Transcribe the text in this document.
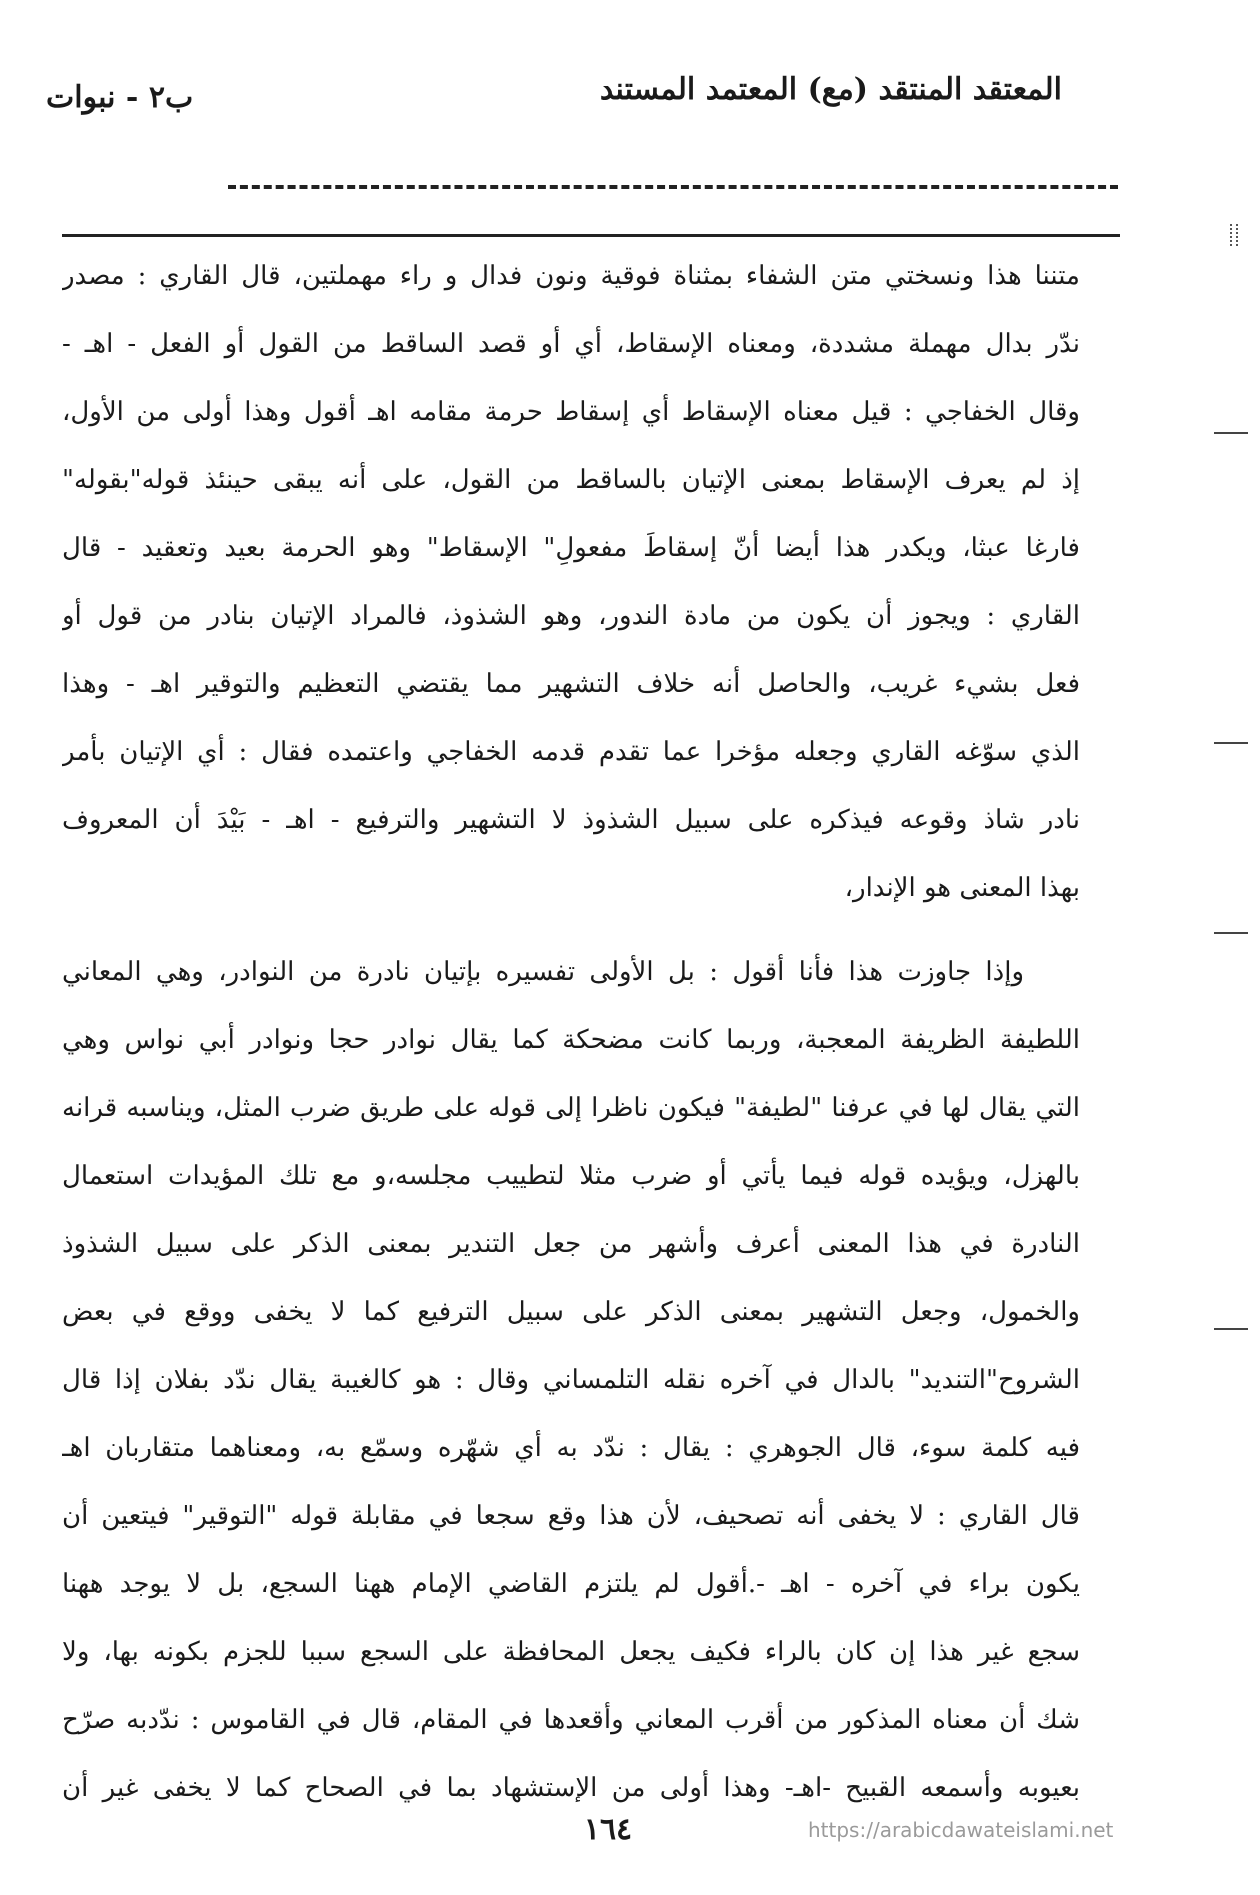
المعتقد المنتقد (مع) المعتمد المستند
ب٢ - نبوات
متننا هذا ونسختي متن الشفاء بمثناة فوقية ونون فدال و راء مهملتين، قال القاري : مصدر
ندّر بدال مهملة مشددة، ومعناه الإسقاط، أي أو قصد الساقط من القول أو الفعل - اهـ -
وقال الخفاجي : قيل معناه الإسقاط أي إسقاط حرمة مقامه اهـ أقول وهذا أولى من الأول،
إذ لم يعرف الإسقاط بمعنى الإتيان بالساقط من القول، على أنه يبقى حينئذ قوله"بقوله"
فارغا عبثا، ويكدر هذا أيضا أنّ إسقاطَ مفعولِ" الإسقاط" وهو الحرمة بعيد وتعقيد - قال
القاري : ويجوز أن يكون من مادة الندور، وهو الشذوذ، فالمراد الإتيان بنادر من قول أو
فعل بشيء غريب، والحاصل أنه خلاف التشهير مما يقتضي التعظيم والتوقير اهـ - وهذا
الذي سوّغه القاري وجعله مؤخرا عما تقدم قدمه الخفاجي واعتمده فقال : أي الإتيان بأمر
نادر شاذ وقوعه فيذكره على سبيل الشذوذ لا التشهير والترفيع - اهـ - بَيْدَ أن المعروف
بهذا المعنى هو الإندار،
وإذا جاوزت هذا فأنا أقول : بل الأولى تفسيره بإتيان نادرة من النوادر، وهي المعاني
اللطيفة الظريفة المعجبة، وربما كانت مضحكة كما يقال نوادر حجا ونوادر أبي نواس وهي
التي يقال لها في عرفنا "لطيفة" فيكون ناظرا إلى قوله على طريق ضرب المثل، ويناسبه قرانه
بالهزل، ويؤيده قوله فيما يأتي أو ضرب مثلا لتطييب مجلسه،و مع تلك المؤيدات استعمال
النادرة في هذا المعنى أعرف وأشهر من جعل التندير بمعنى الذكر على سبيل الشذوذ
والخمول، وجعل التشهير بمعنى الذكر على سبيل الترفيع كما لا يخفى ووقع في بعض
الشروح"التنديد" بالدال في آخره نقله التلمساني وقال : هو كالغيبة يقال ندّد بفلان إذا قال
فيه كلمة سوء، قال الجوهري : يقال : ندّد به أي شهّره وسمّع به، ومعناهما متقاربان اهـ
قال القاري : لا يخفى أنه تصحيف، لأن هذا وقع سجعا في مقابلة قوله "التوقير" فيتعين أن
يكون براء في آخره - اهـ -.أقول لم يلتزم القاضي الإمام ههنا السجع، بل لا يوجد ههنا
سجع غير هذا إن كان بالراء فكيف يجعل المحافظة على السجع سببا للجزم بكونه بها، ولا
شك أن معناه المذكور من أقرب المعاني وأقعدها في المقام، قال في القاموس : ندّدبه صرّح
بعيوبه وأسمعه القبيح -اهـ- وهذا أولى من الإستشهاد بما في الصحاح كما لا يخفى غير أن
١٦٤	https://arabicdawateislami.net
